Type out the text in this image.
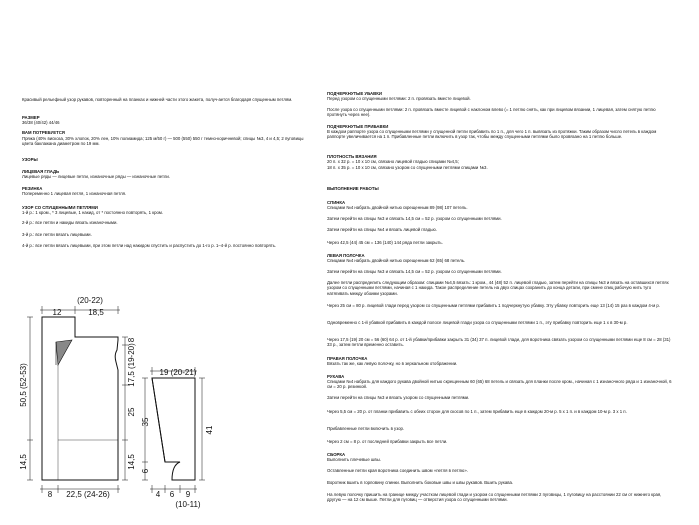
Красивый рельефный узор рукавов, повторенный на планках и нижней части этого жакета, получ-ается благодаря спущенным петлям.

РАЗМЕР

36/38 (40/42) 44/46

ВАМ ПОТРЕБУЕТСЯ

Пряжа (40% вискоза, 30% хлопок, 20% лен, 10% полиамида; 125 м/50 г) — 500 (550) 550 г темно-коричневой; спицы №3, 4 и 4,5; 2 пуговицы цвета баклажана диаметром по 19 мм.

УЗОРЫ

ЛИЦЕВАЯ ГЛАДЬ

Лицевые ряды — лицевые петли, изнаночные ряды — изнаночные петли.

РЕЗИНКА

Попеременно 1 лицевая петля, 1 изнаночная петля.

УЗОР СО СПУЩЕННЫМИ ПЕТЛЯМИ

1-й р.: 1 кром., * 3 лицевые, 1 накид, от * постоянно повторять, 1 кром.

2-й р.: все петли и накиды вязать изнаночными.

3-й р.: все петли вязать лицевыми.

4-й р.: все петли вязать лицевыми, при этом петли над накидом спустить и распустить до 1-го р. 1–4-й р. постоянно повторять.

ПОДЧЕРКНУТЫЕ УБАВКИ

Перед узором со спущенными петлями: 2 п. провязать вместе лицевой.

После узора со спущенными петлями: 2 п. провязать вместе лицевой с наклоном влево (= 1 петлю снять, как при лицевом вязании, 1 лицевая, затем снятую петлю протянуть через нее).

ПОДЧЕРКНУТЫЕ ПРИБАВКИ

В каждом раппорте узора со спущенными петлями у спущенной петли прибавить по 1 п., для чего 1 п. вывязать из протяжки. Таким образом число петель в каждом раппорте увеличивается на 1 п. Прибавленные петли включить в узор так, чтобы между спущенными петлями было провязано на 1 петлю больше.

ПЛОТНОСТЬ ВЯЗАНИЯ

20 п. x 32 р. = 10 x 10 см, связано лицевой гладью спицами №4,5;

18 п. x 35 р. = 10 x 10 см, связано узором со спущенными петлями спицами №3.

ВЫПОЛНЕНИЕ РАБОТЫ

СПИНКА

Спицами №4 набрать двойной нитью скрещенным 89 (98) 107 петель.

Затем перейти на спицы №3 и связать 14,5 см = 52 р. узором со спущенными петлями.

Затем перейти на спицы №4 и вязать лицевой гладью.

Через 42,5 (44) 45 см = 136 (140) 144 ряда петли закрыть.

ЛЕВАЯ ПОЛОЧКА

Спицами №4 набрать двойной нитью скрещенным 62 (65) 68 петель.

Затем перейти на спицы №3 и связать 14,5 см = 52 р. узором со спущенными петлями.

Далее петли распределить следующим образом: спицами №4,5 вязать: 1 кром., 44 (48) 52 п. лицевой гладью, затем перейти на спицы №3 и вязать на оставшихся петлях узором со спущенными петлями, начиная с 1 накида. Такое распределение петель на двух спицах сохранить до конца детали, при смене спиц рабочую нить туго натягивать между обоими узорами.

Через 25 см = 80 р. лицевой глади перед узором со спущенными петлями прибавить 1 подчеркнутую убавку. Эту убавку повторить еще 13 (14) 15 раз в каждом 4-м р.

Одновременно с 1-й убавкой прибавить в каждой полосе лицевой глади узора со спущенными петлями 1 п., эту прибавку повторить еще 1 х в 30-м р.

Через 17,5 (19) 20 см = 56 (60) 64 р. от 1-й убавки/прибавки закрыть 31 (34) 37 п. лицевой глади, для воротника связать узором со спущенными петлями еще 8 см = 28 (31) 33 р., затем петли временно оставить.

ПРАВАЯ ПОЛОЧКА

Вязать так же, как левую полочку, но в зеркальном отображении.

РУКАВА

Спицами №4 набрать для каждого рукава двойной нитью скрещенным 60 (65) 68 петель и связать для планки после кром., начиная с 1 изнаночного ряда и 1 изнаночной, 6 см = 20 р. резинкой.

Затем перейти на спицы №3 и вязать узором со спущенными петлями.

Через 5,5 см = 20 р. от планки прибавить с обеих сторон для скосов по 1 п., затем прибавить еще в каждом 20-м р. 5 x 1 п. и в каждом 10-м р. 3 x 1 п.

Прибавленные петли включить в узор.

Через 2 см = 8 р. от последней прибавки закрыть все петли.

СБОРКА

Выполнить плечевые швы.

Оставленные петли края воротника соединить швом «петля в петлю».

Воротник вшить в горловину спинки. Выполнить боковые швы и швы рукавов. Вшить рукава.

На левую полочку пришить на границе между участком лицевой глади и узором со спущенными петлями 2 пуговицы, 1 пуговицу на расстоянии 22 см от нижнего края, другую — на 12 см выше. Петли для пуговиц — отверстия узора со спущенными петлями.

(20-22)
12	18,5
8
17,5 (19-20)
50,5 (52-53)
25
14,5	14,5
8 22,5 (24-26)
19 (20-21)
35
41
6
4 6 9
(10-11)
